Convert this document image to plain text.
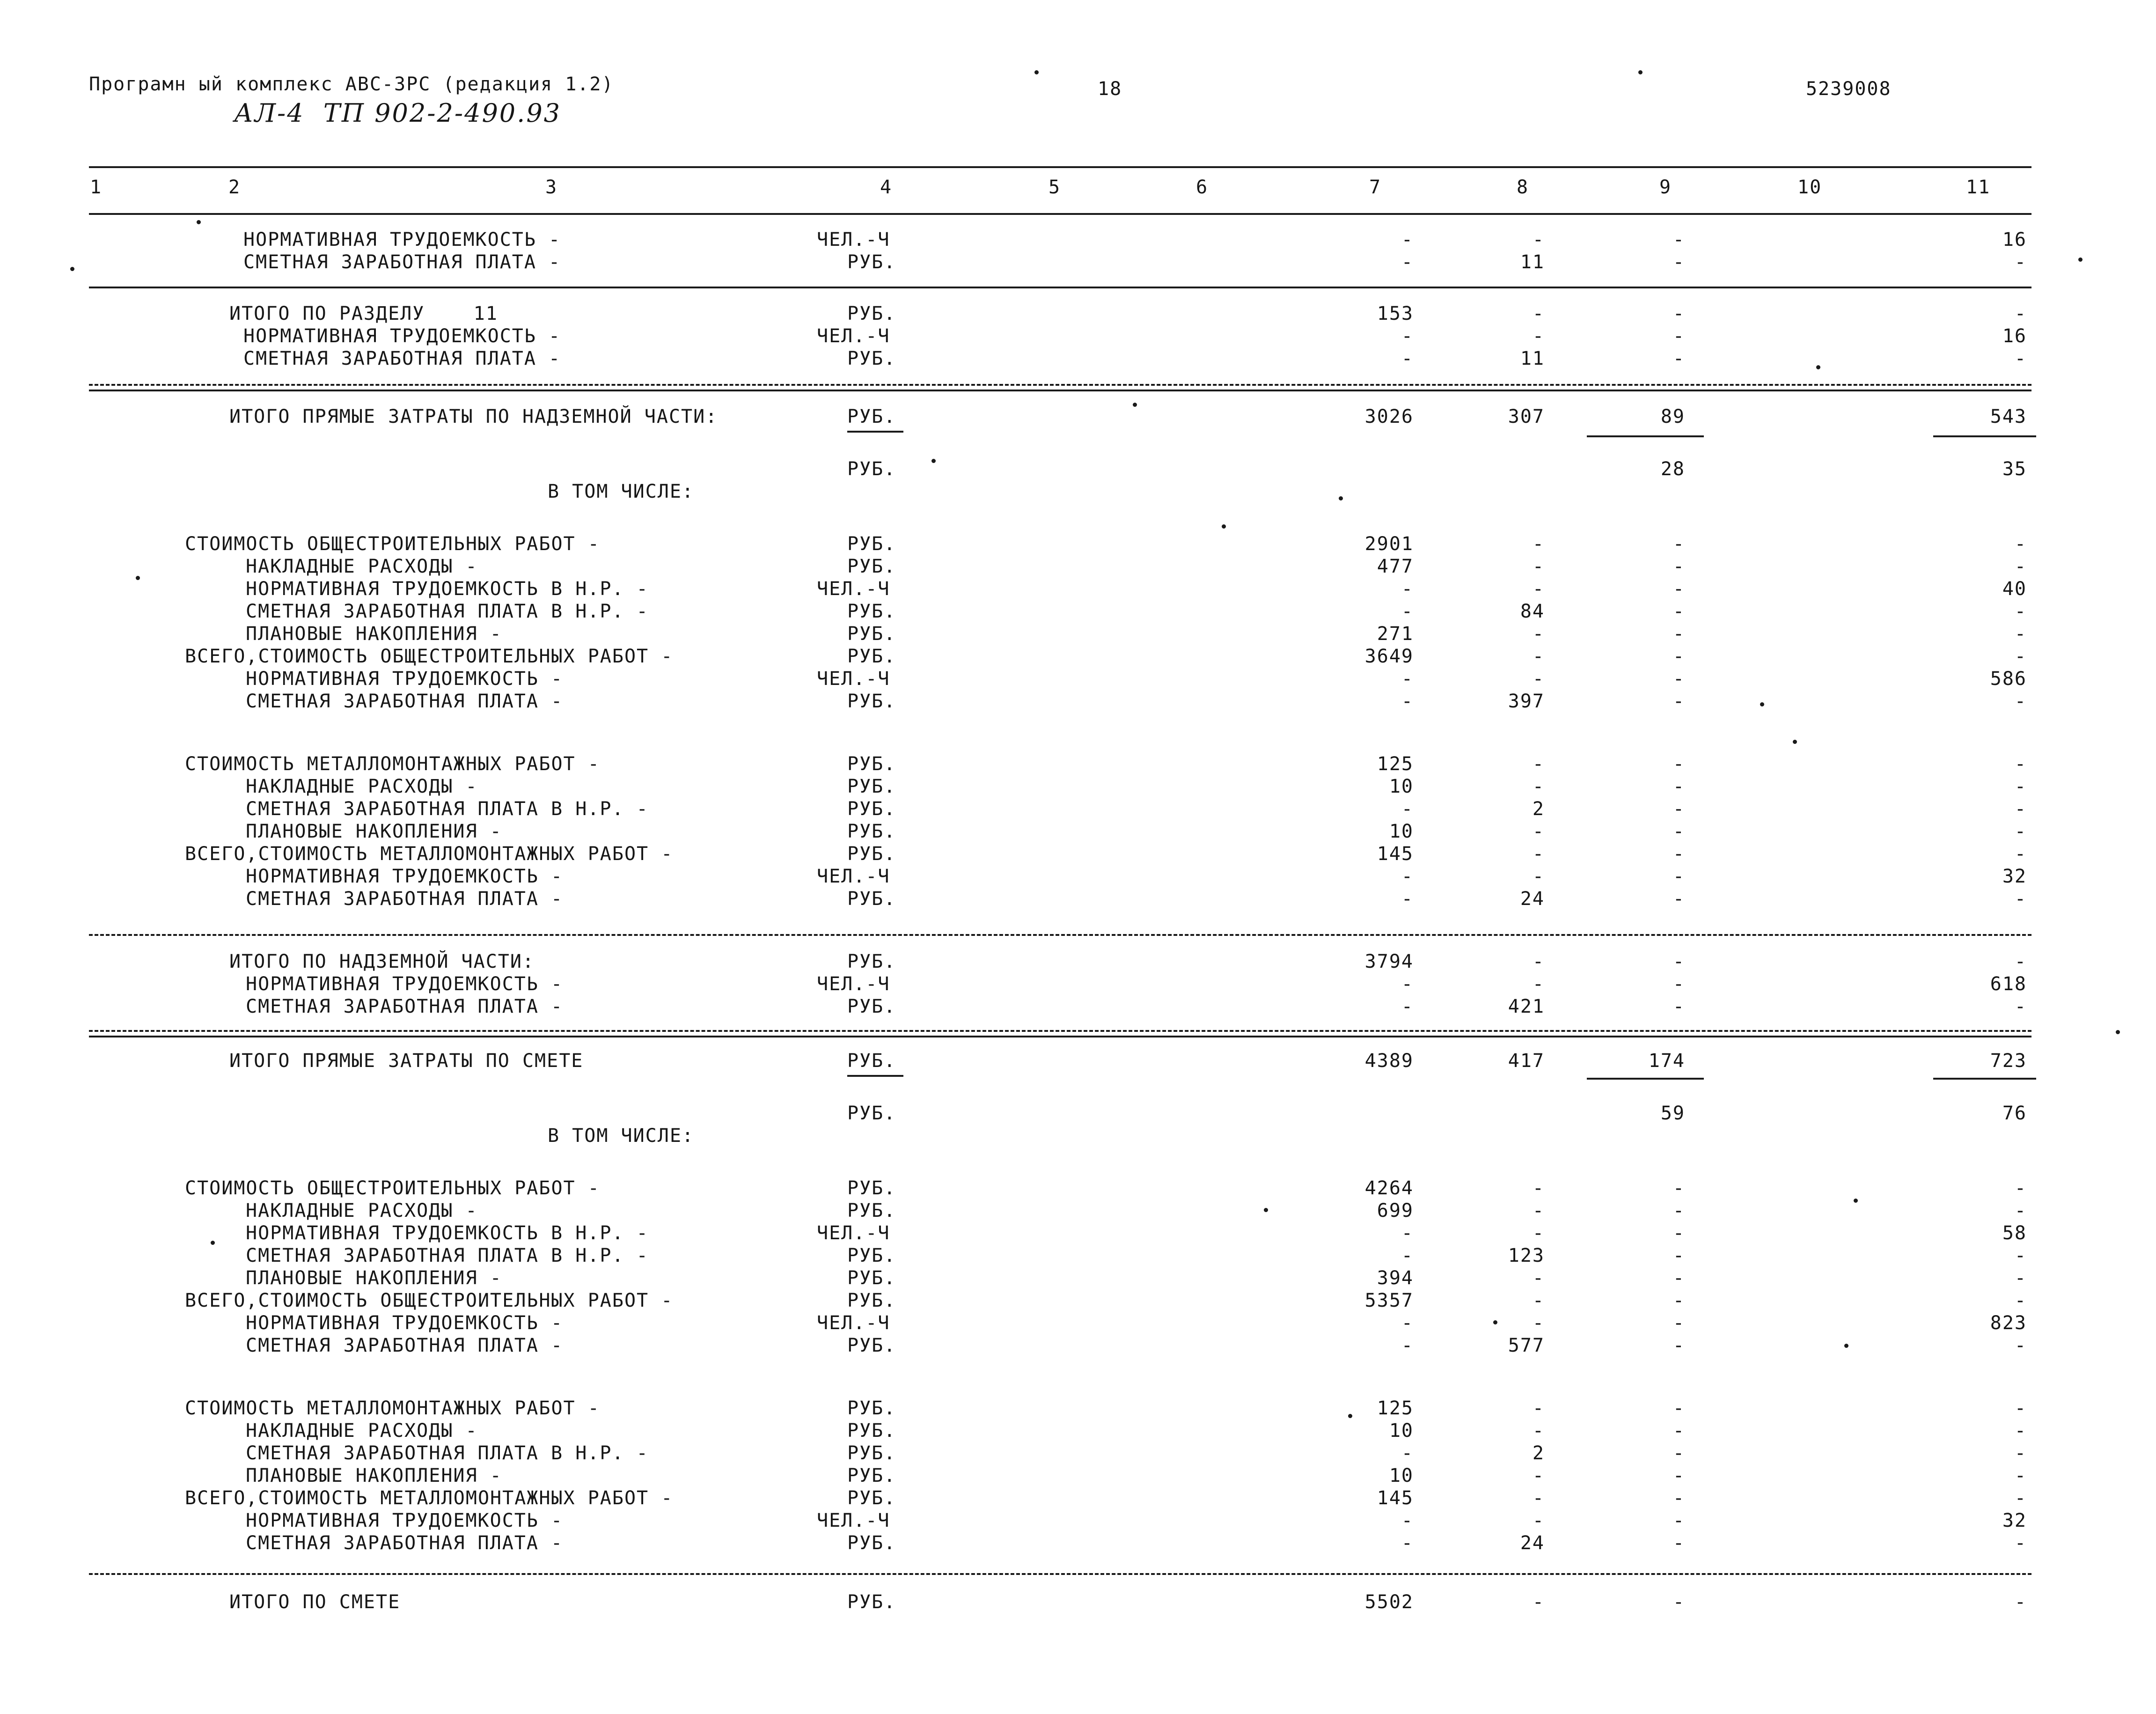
Програмн ый комплекс АВС-ЗРС (редакция 1.2)
АЛ-4  ТП 902-2-490.93
18	5239008
1	2	3	4	5	6	7	8	9	10	11
НОРМАТИВНАЯ ТРУДОЕМКОСТЬ -	ЧЕЛ.-Ч	-	-	-	16
СМЕТНАЯ ЗАРАБОТНАЯ ПЛАТА -	РУБ.	-	11	-	-
ИТОГО ПО РАЗДЕЛУ    11	РУБ.	153	-	-	-
НОРМАТИВНАЯ ТРУДОЕМКОСТЬ -	ЧЕЛ.-Ч	-	-	-	16
СМЕТНАЯ ЗАРАБОТНАЯ ПЛАТА -	РУБ.	-	11	-	-
ИТОГО ПРЯМЫЕ ЗАТРАТЫ ПО НАДЗЕМНОЙ ЧАСТИ:	РУБ.	3026	307	89	543
РУБ.	28	35
В ТОМ ЧИСЛЕ:
СТОИМОСТЬ ОБЩЕСТРОИТЕЛЬНЫХ РАБОТ -	РУБ.	2901	-	-	-
НАКЛАДНЫЕ РАСХОДЫ -	РУБ.	477	-	-	-
НОРМАТИВНАЯ ТРУДОЕМКОСТЬ В Н.Р. -	ЧЕЛ.-Ч	-	-	-	40
СМЕТНАЯ ЗАРАБОТНАЯ ПЛАТА В Н.Р. -	РУБ.	-	84	-	-
ПЛАНОВЫЕ НАКОПЛЕНИЯ -	РУБ.	271	-	-	-
ВСЕГО,СТОИМОСТЬ ОБЩЕСТРОИТЕЛЬНЫХ РАБОТ -	РУБ.	3649	-	-	-
НОРМАТИВНАЯ ТРУДОЕМКОСТЬ -	ЧЕЛ.-Ч	-	-	-	586
СМЕТНАЯ ЗАРАБОТНАЯ ПЛАТА -	РУБ.	-	397	-	-
СТОИМОСТЬ МЕТАЛЛОМОНТАЖНЫХ РАБОТ -	РУБ.	125	-	-	-
НАКЛАДНЫЕ РАСХОДЫ -	РУБ.	10	-	-	-
СМЕТНАЯ ЗАРАБОТНАЯ ПЛАТА В Н.Р. -	РУБ.	-	2	-	-
ПЛАНОВЫЕ НАКОПЛЕНИЯ -	РУБ.	10	-	-	-
ВСЕГО,СТОИМОСТЬ МЕТАЛЛОМОНТАЖНЫХ РАБОТ -	РУБ.	145	-	-	-
НОРМАТИВНАЯ ТРУДОЕМКОСТЬ -	ЧЕЛ.-Ч	-	-	-	32
СМЕТНАЯ ЗАРАБОТНАЯ ПЛАТА -	РУБ.	-	24	-	-
ИТОГО ПО НАДЗЕМНОЙ ЧАСТИ:	РУБ.	3794	-	-	-
НОРМАТИВНАЯ ТРУДОЕМКОСТЬ -	ЧЕЛ.-Ч	-	-	-	618
СМЕТНАЯ ЗАРАБОТНАЯ ПЛАТА -	РУБ.	-	421	-	-
ИТОГО ПРЯМЫЕ ЗАТРАТЫ ПО СМЕТЕ	РУБ.	4389	417	174	723
РУБ.	59	76
В ТОМ ЧИСЛЕ:
СТОИМОСТЬ ОБЩЕСТРОИТЕЛЬНЫХ РАБОТ -	РУБ.	4264	-	-	-
НАКЛАДНЫЕ РАСХОДЫ -	РУБ.	699	-	-	-
НОРМАТИВНАЯ ТРУДОЕМКОСТЬ В Н.Р. -	ЧЕЛ.-Ч	-	-	-	58
СМЕТНАЯ ЗАРАБОТНАЯ ПЛАТА В Н.Р. -	РУБ.	-	123	-	-
ПЛАНОВЫЕ НАКОПЛЕНИЯ -	РУБ.	394	-	-	-
ВСЕГО,СТОИМОСТЬ ОБЩЕСТРОИТЕЛЬНЫХ РАБОТ -	РУБ.	5357	-	-	-
НОРМАТИВНАЯ ТРУДОЕМКОСТЬ -	ЧЕЛ.-Ч	-	-	-	823
СМЕТНАЯ ЗАРАБОТНАЯ ПЛАТА -	РУБ.	-	577	-	-
СТОИМОСТЬ МЕТАЛЛОМОНТАЖНЫХ РАБОТ -	РУБ.	125	-	-	-
НАКЛАДНЫЕ РАСХОДЫ -	РУБ.	10	-	-	-
СМЕТНАЯ ЗАРАБОТНАЯ ПЛАТА В Н.Р. -	РУБ.	-	2	-	-
ПЛАНОВЫЕ НАКОПЛЕНИЯ -	РУБ.	10	-	-	-
ВСЕГО,СТОИМОСТЬ МЕТАЛЛОМОНТАЖНЫХ РАБОТ -	РУБ.	145	-	-	-
НОРМАТИВНАЯ ТРУДОЕМКОСТЬ -	ЧЕЛ.-Ч	-	-	-	32
СМЕТНАЯ ЗАРАБОТНАЯ ПЛАТА -	РУБ.	-	24	-	-
ИТОГО ПО СМЕТЕ	РУБ.	5502	-	-	-
